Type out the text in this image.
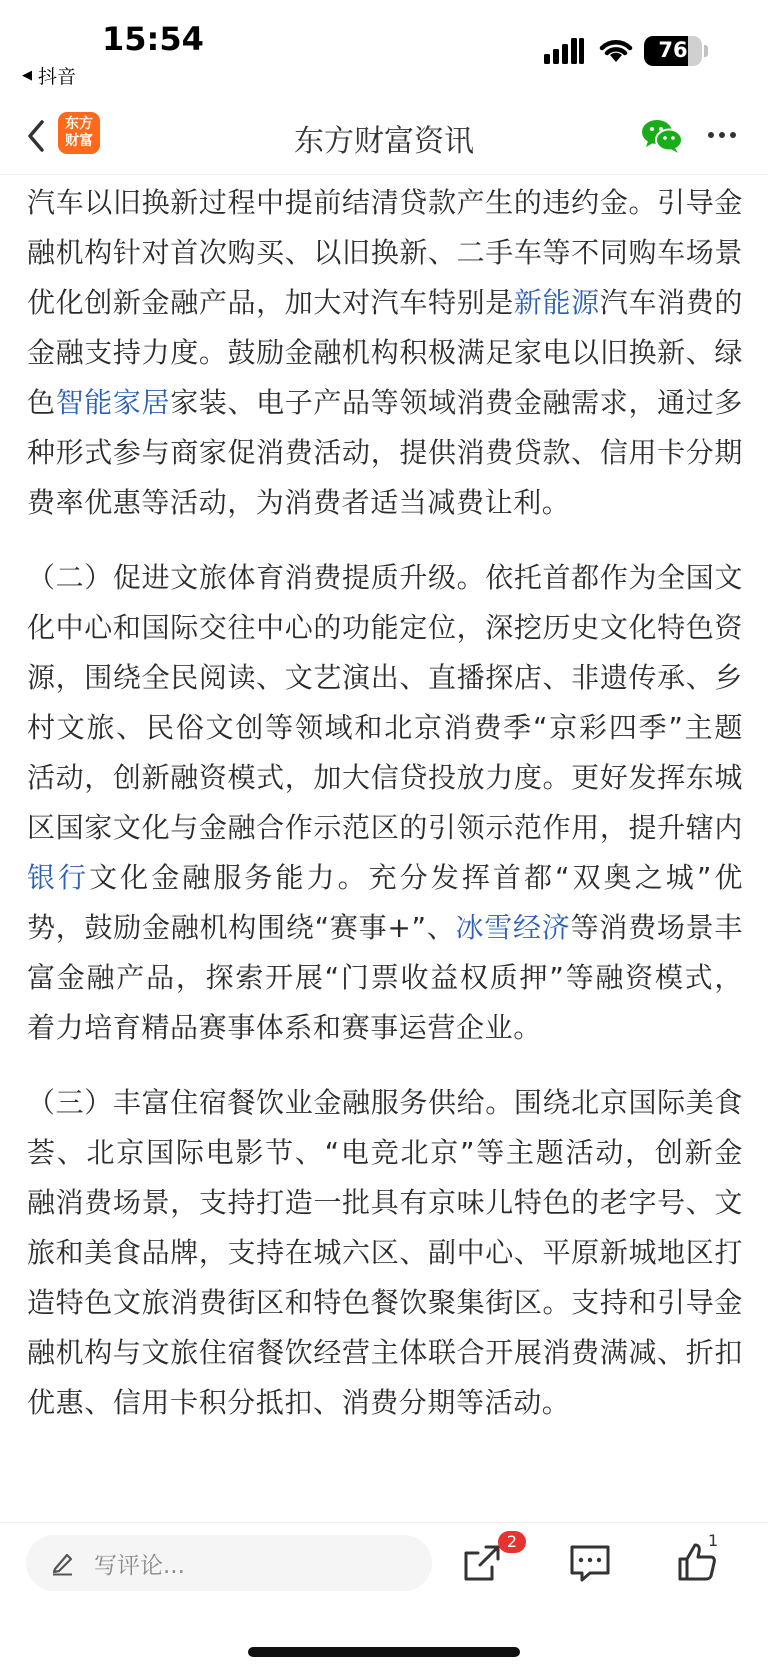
15:54
◀ 抖音
76
东方
财富	东方财富资讯

汽车以旧换新过程中提前结清贷款产生的违约金。引导金融机构针对首次购买、以旧换新、二手车等不同购车场景优化创新金融产品，加大对汽车特别是新能源汽车消费的金融支持力度。鼓励金融机构积极满足家电以旧换新、绿色智能家居家装、电子产品等领域消费金融需求，通过多种形式参与商家促消费活动，提供消费贷款、信用卡分期费率优惠等活动，为消费者适当减费让利。

（二）促进文旅体育消费提质升级。依托首都作为全国文化中心和国际交往中心的功能定位，深挖历史文化特色资源，围绕全民阅读、文艺演出、直播探店、非遗传承、乡村文旅、民俗文创等领域和北京消费季“京彩四季”主题活动，创新融资模式，加大信贷投放力度。更好发挥东城区国家文化与金融合作示范区的引领示范作用，提升辖内银行文化金融服务能力。充分发挥首都“双奥之城”优势，鼓励金融机构围绕“赛事+”、冰雪经济等消费场景丰富金融产品，探索开展“门票收益权质押”等融资模式，着力培育精品赛事体系和赛事运营企业。

（三）丰富住宿餐饮业金融服务供给。围绕北京国际美食荟、北京国际电影节、“电竞北京”等主题活动，创新金融消费场景，支持打造一批具有京味儿特色的老字号、文旅和美食品牌，支持在城六区、副中心、平原新城地区打造特色文旅消费街区和特色餐饮聚集街区。支持和引导金融机构与文旅住宿餐饮经营主体联合开展消费满减、折扣优惠、信用卡积分抵扣、消费分期等活动。

写评论...
2	1
